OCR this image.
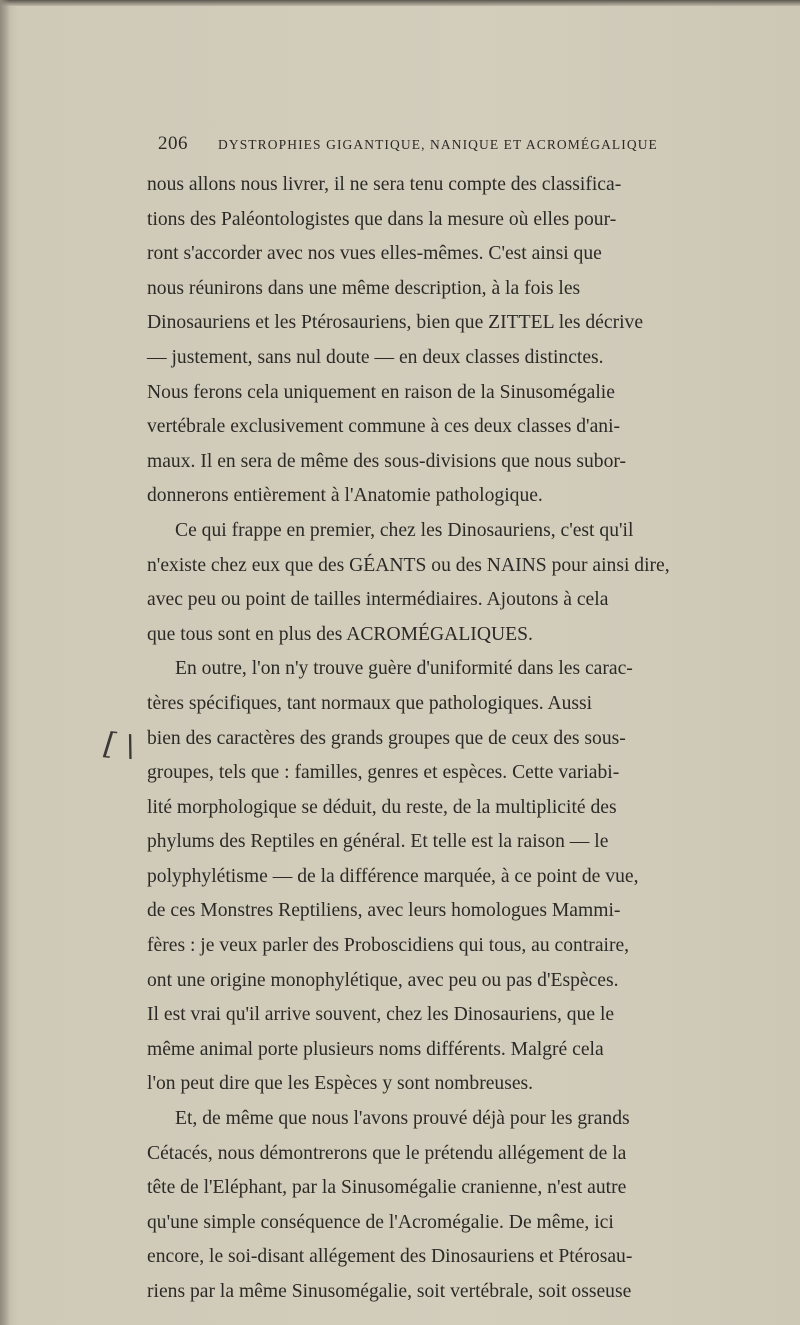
206 DYSTROPHIES GIGANTIQUE, NANIQUE ET ACROMÉGALIQUE
[ \
nous allons nous livrer, il ne sera tenu compte des classifica-
tions des Paléontologistes que dans la mesure où elles pour-
ront s'accorder avec nos vues elles-mêmes. C'est ainsi que
nous réunirons dans une même description, à la fois les
Dinosauriens et les Ptérosauriens, bien que ZITTEL les décrive
— justement, sans nul doute — en deux classes distinctes.
Nous ferons cela uniquement en raison de la Sinusomégalie
vertébrale exclusivement commune à ces deux classes d'ani-
maux. Il en sera de même des sous-divisions que nous subor-
donnerons entièrement à l'Anatomie pathologique.
Ce qui frappe en premier, chez les Dinosauriens, c'est qu'il
n'existe chez eux que des GÉANTS ou des NAINS pour ainsi dire,
avec peu ou point de tailles intermédiaires. Ajoutons à cela
que tous sont en plus des ACROMÉGALIQUES.
En outre, l'on n'y trouve guère d'uniformité dans les carac-
tères spécifiques, tant normaux que pathologiques. Aussi
bien des caractères des grands groupes que de ceux des sous-
groupes, tels que : familles, genres et espèces. Cette variabi-
lité morphologique se déduit, du reste, de la multiplicité des
phylums des Reptiles en général. Et telle est la raison — le
polyphylétisme — de la différence marquée, à ce point de vue,
de ces Monstres Reptiliens, avec leurs homologues Mammi-
fères : je veux parler des Proboscidiens qui tous, au contraire,
ont une origine monophylétique, avec peu ou pas d'Espèces.
Il est vrai qu'il arrive souvent, chez les Dinosauriens, que le
même animal porte plusieurs noms différents. Malgré cela
l'on peut dire que les Espèces y sont nombreuses.
Et, de même que nous l'avons prouvé déjà pour les grands
Cétacés, nous démontrerons que le prétendu allégement de la
tête de l'Eléphant, par la Sinusomégalie cranienne, n'est autre
qu'une simple conséquence de l'Acromégalie. De même, ici
encore, le soi-disant allégement des Dinosauriens et Ptérosau-
riens par la même Sinusomégalie, soit vertébrale, soit osseuse
